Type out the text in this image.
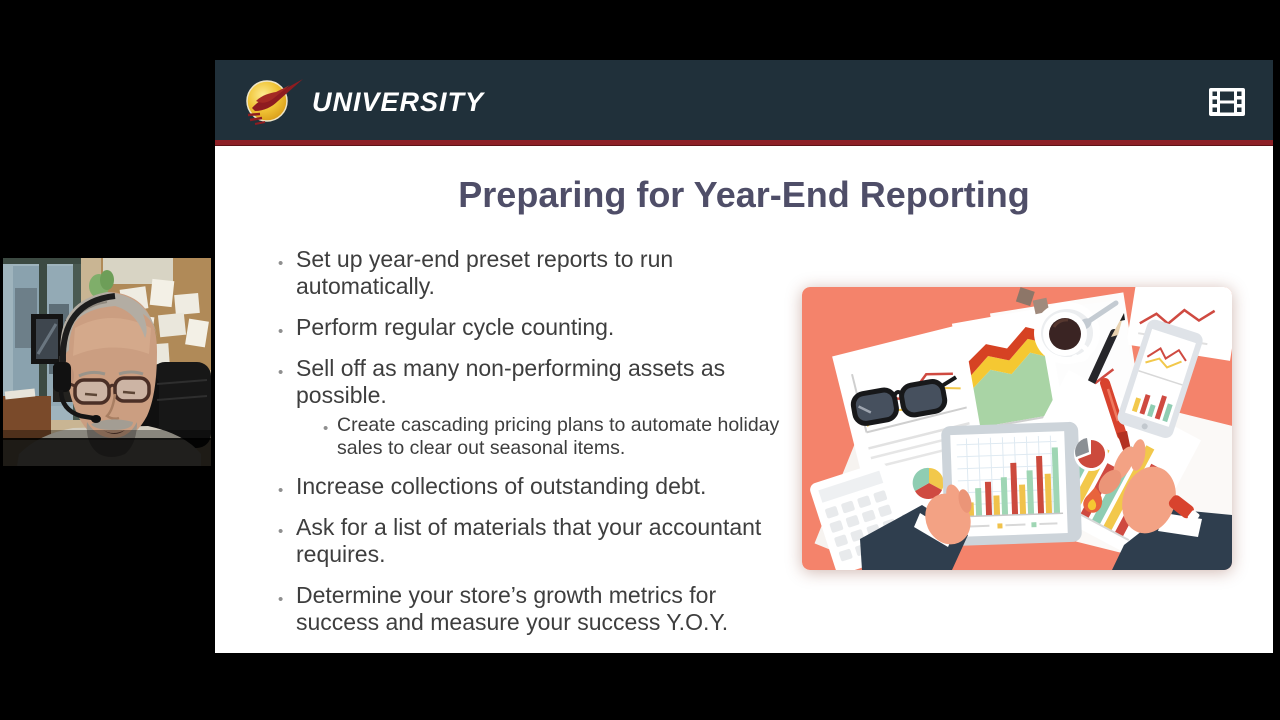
UNIVERSITY
Preparing for Year-End Reporting
• Set up year-end preset reports to run automatically.
• Perform regular cycle counting.
• Sell off as many non-performing assets as possible.
• Create cascading pricing plans to automate holiday sales to clear out seasonal items.
• Increase collections of outstanding debt.
• Ask for a list of materials that your accountant requires.
• Determine your store’s growth metrics for success and measure your success Y.O.Y.
